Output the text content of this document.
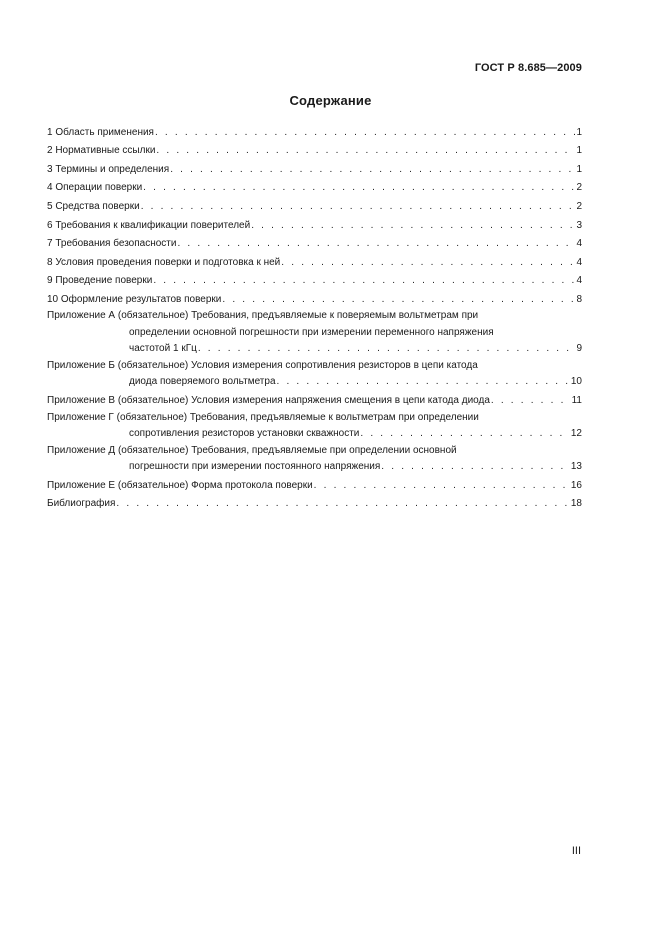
ГОСТ Р 8.685—2009
Содержание
1 Область применения . . .	1
2 Нормативные ссылки . . .	1
3 Термины и определения . . .	1
4 Операции поверки . . .	2
5 Средства поверки . . .	2
6 Требования к квалификации поверителей . . .	3
7 Требования безопасности . . .	4
8 Условия проведения поверки и подготовка к ней . . .	4
9 Проведение поверки . . .	4
10 Оформление результатов поверки . . .	8
Приложение А (обязательное) Требования, предъявляемые к поверяемым вольтметрам при
определении основной погрешности при измерении переменного напряжения
частотой 1 кГц . . .	9
Приложение Б (обязательное) Условия измерения сопротивления резисторов в цепи катода
диода поверяемого вольтметра . . .	10
Приложение В (обязательное) Условия измерения напряжения смещения в цепи катода диода . . .	11
Приложение Г (обязательное) Требования, предъявляемые к вольтметрам при определении
сопротивления резисторов установки скважности . . .	12
Приложение Д (обязательное) Требования, предъявляемые при определении основной
погрешности при измерении постоянного напряжения . . .	13
Приложение Е (обязательное) Форма протокола поверки . . .	16
Библиография . . .	18
III
